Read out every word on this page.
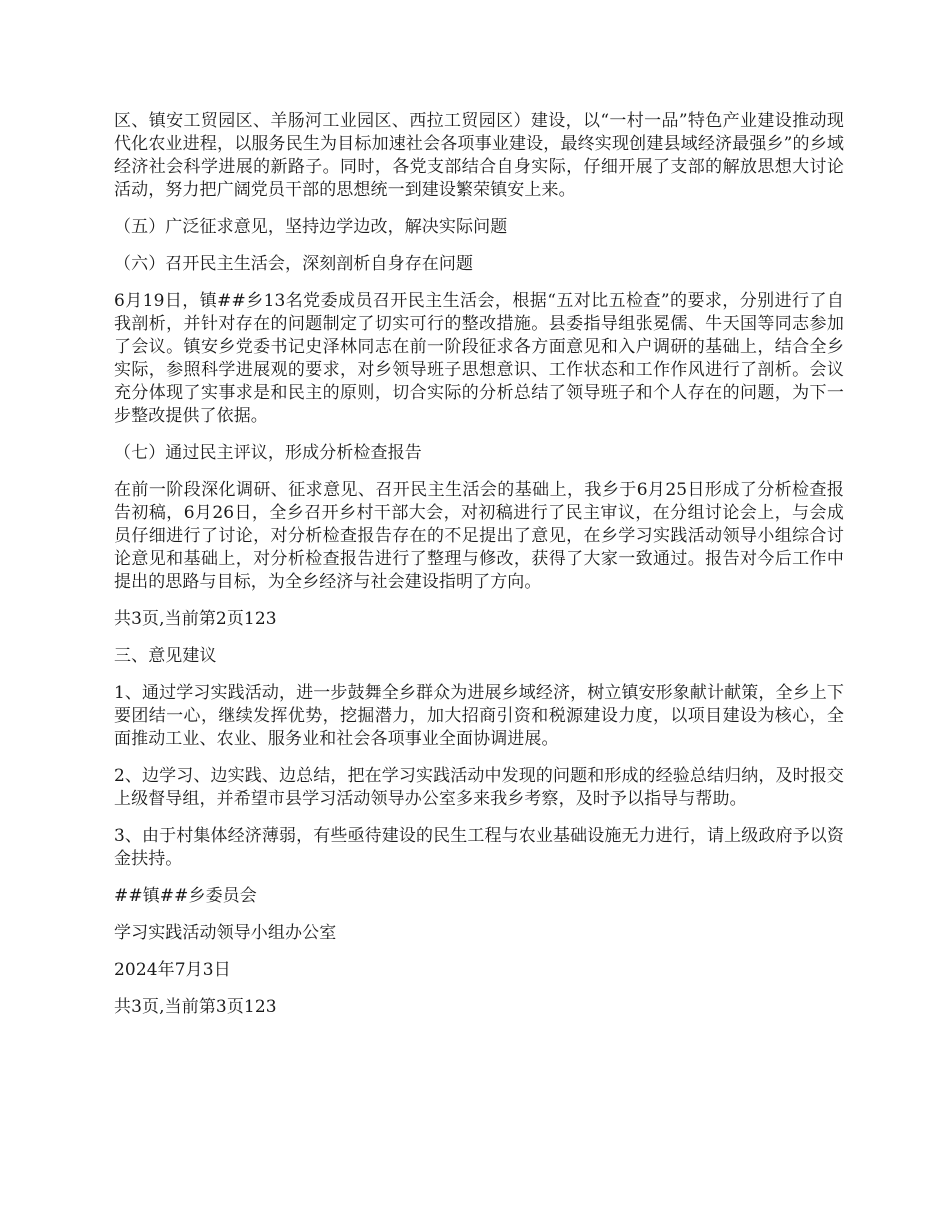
区、镇安工贸园区、羊肠河工业园区、西拉工贸园区）建设，以“一村一品”特色产业建设推动现代化农业进程，以服务民生为目标加速社会各项事业建设，最终实现创建县域经济最强乡”的乡域经济社会科学进展的新路子。同时，各党支部结合自身实际，仔细开展了支部的解放思想大讨论活动，努力把广阔党员干部的思想统一到建设繁荣镇安上来。

（五）广泛征求意见，坚持边学边改，解决实际问题

（六）召开民主生活会，深刻剖析自身存在问题

6月19日，镇##乡13名党委成员召开民主生活会，根据“五对比五检查”的要求，分别进行了自我剖析，并针对存在的问题制定了切实可行的整改措施。县委指导组张冕儒、牛天国等同志参加了会议。镇安乡党委书记史泽林同志在前一阶段征求各方面意见和入户调研的基础上，结合全乡实际，参照科学进展观的要求，对乡领导班子思想意识、工作状态和工作作风进行了剖析。会议充分体现了实事求是和民主的原则，切合实际的分析总结了领导班子和个人存在的问题，为下一步整改提供了依据。

（七）通过民主评议，形成分析检查报告

在前一阶段深化调研、征求意见、召开民主生活会的基础上，我乡于6月25日形成了分析检查报告初稿，6月26日，全乡召开乡村干部大会，对初稿进行了民主审议，在分组讨论会上，与会成员仔细进行了讨论，对分析检查报告存在的不足提出了意见，在乡学习实践活动领导小组综合讨论意见和基础上，对分析检查报告进行了整理与修改，获得了大家一致通过。报告对今后工作中提出的思路与目标，为全乡经济与社会建设指明了方向。

共3页,当前第2页123

三、意见建议

1、通过学习实践活动，进一步鼓舞全乡群众为进展乡域经济，树立镇安形象献计献策，全乡上下要团结一心，继续发挥优势，挖掘潜力，加大招商引资和税源建设力度，以项目建设为核心，全面推动工业、农业、服务业和社会各项事业全面协调进展。

2、边学习、边实践、边总结，把在学习实践活动中发现的问题和形成的经验总结归纳，及时报交上级督导组，并希望市县学习活动领导办公室多来我乡考察，及时予以指导与帮助。

3、由于村集体经济薄弱，有些亟待建设的民生工程与农业基础设施无力进行，请上级政府予以资金扶持。

##镇##乡委员会

学习实践活动领导小组办公室

2024年7月3日

共3页,当前第3页123
